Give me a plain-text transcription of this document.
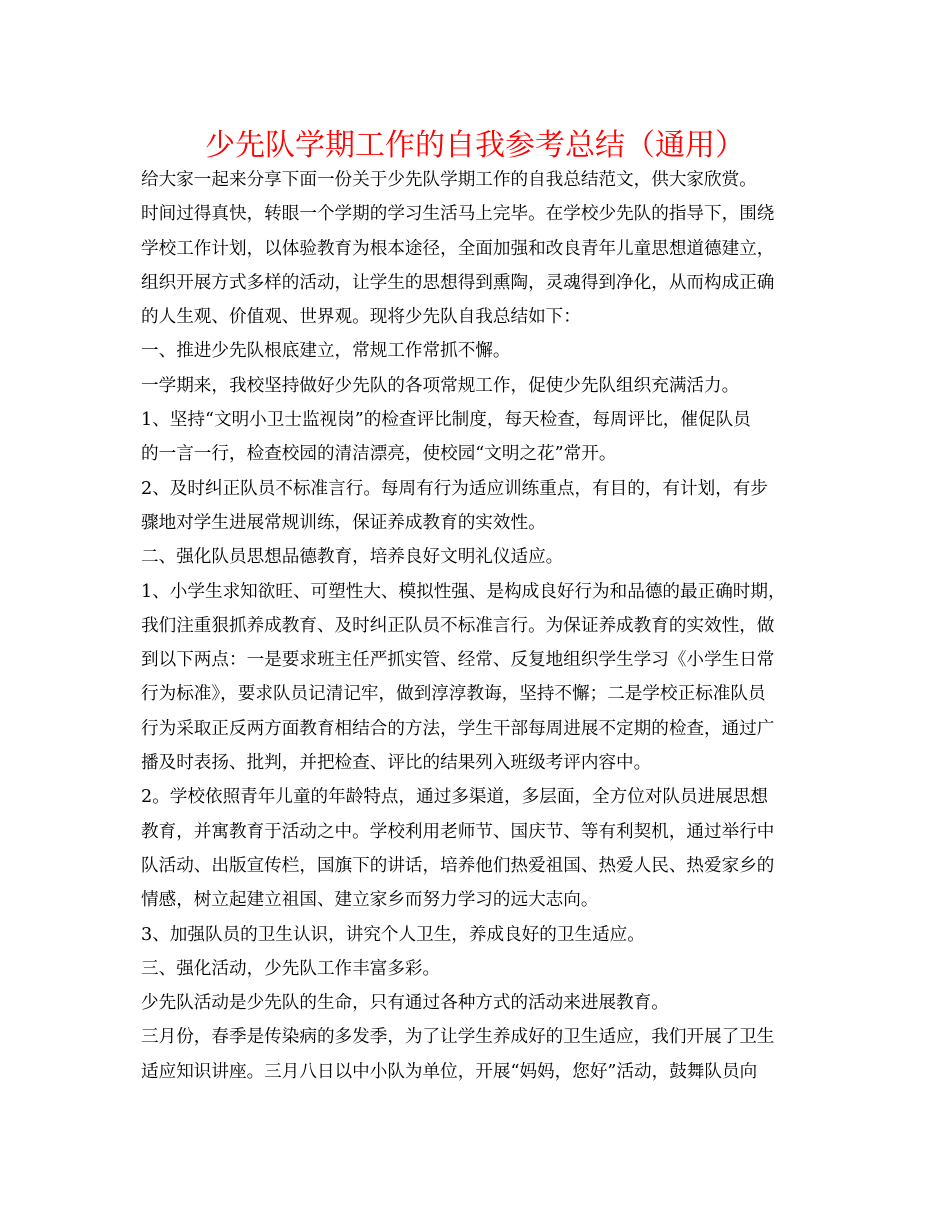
少先队学期工作的自我参考总结（通用）

给大家一起来分享下面一份关于少先队学期工作的自我总结范文，供大家欣赏。

时间过得真快，转眼一个学期的学习生活马上完毕。在学校少先队的指导下，围绕

学校工作计划，以体验教育为根本途径，全面加强和改良青年儿童思想道德建立，

组织开展方式多样的活动，让学生的思想得到熏陶，灵魂得到净化，从而构成正确

的人生观、价值观、世界观。现将少先队自我总结如下：

一、推进少先队根底建立，常规工作常抓不懈。

一学期来，我校坚持做好少先队的各项常规工作，促使少先队组织充满活力。

1、坚持“文明小卫士监视岗”的检查评比制度，每天检查，每周评比，催促队员

的一言一行，检查校园的清洁漂亮，使校园“文明之花”常开。

2、及时纠正队员不标准言行。每周有行为适应训练重点，有目的，有计划，有步

骤地对学生进展常规训练，保证养成教育的实效性。

二、强化队员思想品德教育，培养良好文明礼仪适应。

1、小学生求知欲旺、可塑性大、模拟性强、是构成良好行为和品德的最正确时期，

我们注重狠抓养成教育、及时纠正队员不标准言行。为保证养成教育的实效性，做

到以下两点：一是要求班主任严抓实管、经常、反复地组织学生学习《小学生日常

行为标准》，要求队员记清记牢，做到淳淳教诲，坚持不懈；二是学校正标准队员

行为采取正反两方面教育相结合的方法，学生干部每周进展不定期的检查，通过广

播及时表扬、批判，并把检查、评比的结果列入班级考评内容中。

2。学校依照青年儿童的年龄特点，通过多渠道，多层面，全方位对队员进展思想

教育，并寓教育于活动之中。学校利用老师节、国庆节、等有利契机，通过举行中

队活动、出版宣传栏，国旗下的讲话，培养他们热爱祖国、热爱人民、热爱家乡的

情感，树立起建立祖国、建立家乡而努力学习的远大志向。

3、加强队员的卫生认识，讲究个人卫生，养成良好的卫生适应。

三、强化活动，少先队工作丰富多彩。

少先队活动是少先队的生命，只有通过各种方式的活动来进展教育。

三月份，春季是传染病的多发季，为了让学生养成好的卫生适应，我们开展了卫生

适应知识讲座。三月八日以中小队为单位，开展“妈妈，您好”活动，鼓舞队员向
